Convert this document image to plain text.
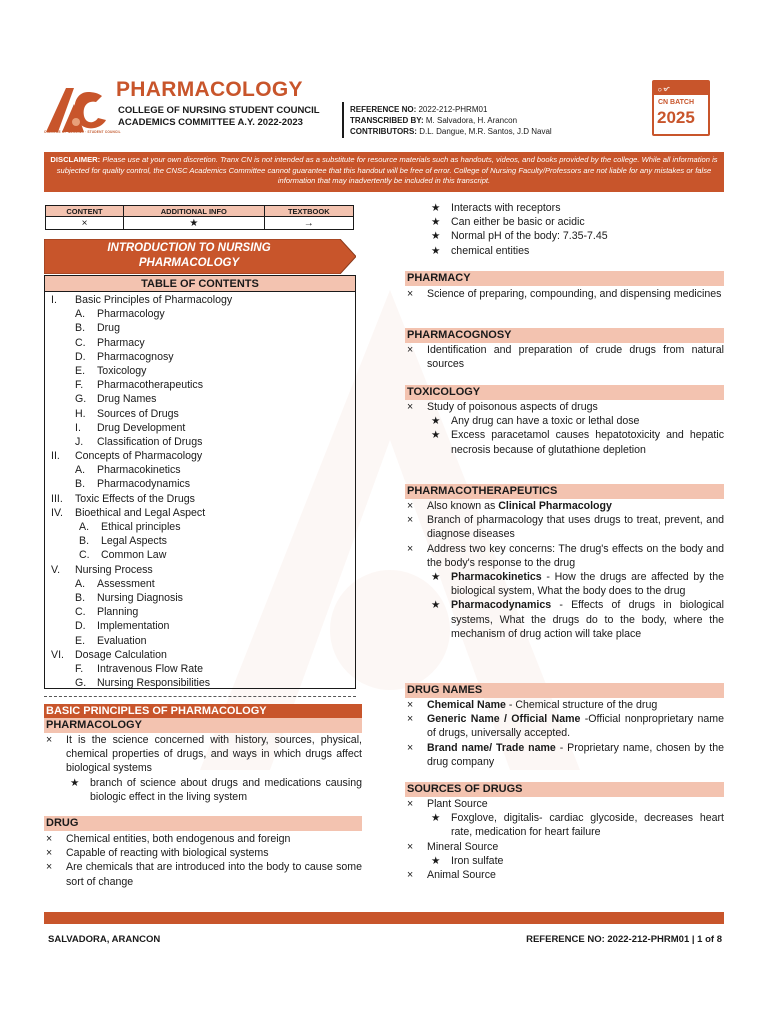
COLLEGE OF NURSING · STUDENT COUNCIL
PHARMACOLOGY
COLLEGE OF NURSING STUDENT COUNCIL
ACADEMICS COMMITTEE A.Y. 2022-2023
REFERENCE NO: 2022-212-PHRM01
TRANSCRIBED BY: M. Salvadora, H. Arancon
CONTRIBUTORS: D.L. Dangue, M.R. Santos, J.D Naval
ᜀ ᜋ
CN BATCH
2025
DISCLAIMER: Please use at your own discretion. Tranx CN is not intended as a substitute for resource materials such as handouts, videos, and books provided by the college. While all information is subjected for quality control, the CNSC Academics Committee cannot guarantee that this handout will be free of error. College of Nursing Faculty/Professors are not liable for any mistakes or false information that may inadvertently be included in this transcript.
CONTENT	ADDITIONAL INFO	TEXTBOOK
×	★	→
INTRODUCTION TO NURSING
PHARMACOLOGY
TABLE OF CONTENTS
I. Basic Principles of Pharmacology
A. Pharmacology
B. Drug
C. Pharmacy
D. Pharmacognosy
E. Toxicology
F. Pharmacotherapeutics
G. Drug Names
H. Sources of Drugs
I. Drug Development
J. Classification of Drugs
II. Concepts of Pharmacology
A. Pharmacokinetics
B. Pharmacodynamics
III. Toxic Effects of the Drugs
IV. Bioethical and Legal Aspect
A. Ethical principles
B. Legal Aspects
C. Common Law
V. Nursing Process
A. Assessment
B. Nursing Diagnosis
C. Planning
D. Implementation
E. Evaluation
VI. Dosage Calculation
F. Intravenous Flow Rate
G. Nursing Responsibilities
BASIC PRINCIPLES OF PHARMACOLOGY
PHARMACOLOGY
× It is the science concerned with history, sources, physical, chemical properties of drugs, and ways in which drugs affect biological systems
★ branch of science about drugs and medications causing biologic effect in the living system
DRUG
× Chemical entities, both endogenous and foreign
× Capable of reacting with biological systems
× Are chemicals that are introduced into the body to cause some sort of change
★ Interacts with receptors
★ Can either be basic or acidic
★ Normal pH of the body: 7.35-7.45
★ chemical entities
PHARMACY
× Science of preparing, compounding, and dispensing medicines
PHARMACOGNOSY
× Identification and preparation of crude drugs from natural sources
TOXICOLOGY
× Study of poisonous aspects of drugs
★ Any drug can have a toxic or lethal dose
★ Excess paracetamol causes hepatotoxicity and hepatic necrosis because of glutathione depletion
PHARMACOTHERAPEUTICS
× Also known as Clinical Pharmacology
× Branch of pharmacology that uses drugs to treat, prevent, and diagnose diseases
× Address two key concerns: The drug's effects on the body and the body's response to the drug
★ Pharmacokinetics - How the drugs are affected by the biological system, What the body does to the drug
★ Pharmacodynamics - Effects of drugs in biological systems, What the drugs do to the body, where the mechanism of drug action will take place
DRUG NAMES
× Chemical Name - Chemical structure of the drug
× Generic Name / Official Name -Official nonproprietary name of drugs, universally accepted.
× Brand name/ Trade name - Proprietary name, chosen by the drug company
SOURCES OF DRUGS
× Plant Source
★ Foxglove, digitalis- cardiac glycoside, decreases heart rate, medication for heart failure
× Mineral Source
★ Iron sulfate
× Animal Source
SALVADORA, ARANCON	REFERENCE NO: 2022-212-PHRM01 | 1 of 8
